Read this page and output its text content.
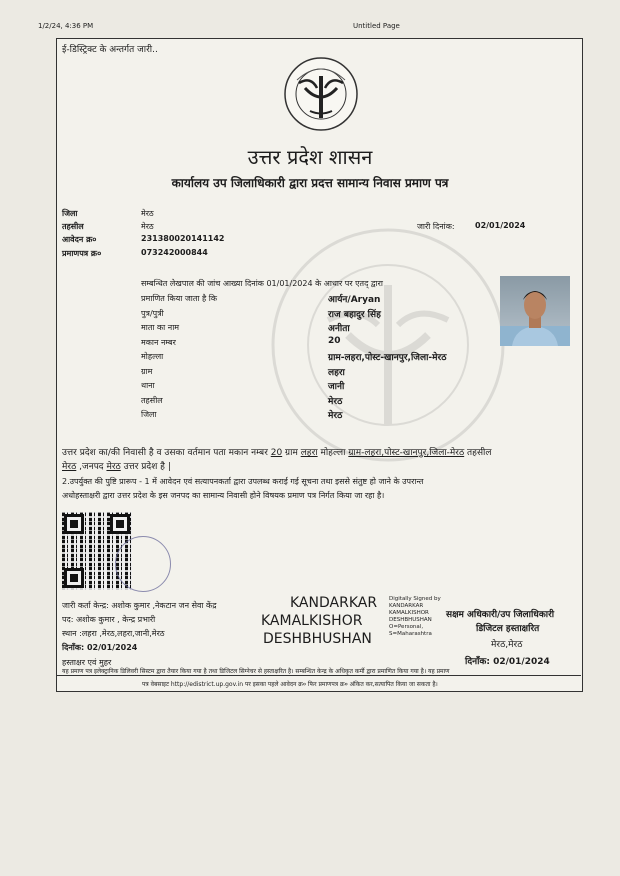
1/2/24, 4:36 PM	Untitled Page
ई-डिस्ट्रिक्ट के अन्तर्गत जारी..
उत्तर प्रदेश शासन
कार्यालय उप जिलाधिकारी द्वारा प्रदत्त सामान्य निवास प्रमाण पत्र
जिला	मेरठ
तहसील	मेरठ
आवेदन क्र०	231380020141142
प्रमाणपत्र क्र०	073242000844
जारी दिनांक:	02/01/2024
सम्बन्धित लेखपाल की जांच आख्या दिनांक 01/01/2024 के आधार पर एतद् द्वारा
प्रमाणित किया जाता है कि	आर्यन/Aryan
पुत्र/पुत्री	राज बहादुर सिंह
माता का नाम	अनीता
मकान नम्बर	20
मोहल्ला	ग्राम-लहरा,पोस्ट-खानपुर,जिला-मेरठ
ग्राम	लहरा
थाना	जानी
तहसील	मेरठ
जिला	मेरठ
उत्तर प्रदेश का/की निवासी है व उसका वर्तमान पता मकान नम्बर 20 ग्राम लहरा मोहल्ला ग्राम-लहरा,पोस्ट-खानपुर,जिला-मेरठ तहसील
मेरठ ,जनपद मेरठ उत्तर प्रदेश है |
2.उपर्युक्त की पुष्टि प्रारूप - 1 में आवेदन एवं सत्यापनकर्ता द्वारा उपलब्ध कराई गई सूचना तथा इससे संतुष्ट हो जाने के उपरान्त
अधोहस्ताक्षरी द्वारा उत्तर प्रदेश के इस जनपद का सामान्य निवासी होने विषयक प्रमाण पत्र निर्गत किया जा रहा है।
जारी कर्ता केन्द्र: अशोक कुमार ,नेकटान जन सेवा केंद्र
पद: अशोक कुमार , केन्द्र प्रभारी
स्थान :लहरा ,मेरठ,लहरा,जानी,मेरठ
दिनाँक: 02/01/2024
हस्ताक्षर एवं मुहर
KANDARKAR
KAMALKISHOR
DESHBHUSHAN
Digitally Signed by
KANDARKAR
KAMALKISHOR
DESHBHUSHAN
O=Personal,
S=Maharashtra
सक्षम अधिकारी/उप जिलाधिकारी
डिजिटल हस्ताक्षरित
मेरठ,मेरठ
दिनाँक: 02/01/2024
यह प्रमाण पत्र इलेक्ट्रानिक डिलिवरी सिस्टम द्वारा तैयार किया गया है तथा डिजिटल सिग्नेचर से हस्ताक्षरित है। सम्बन्धित केन्द्र के अधिकृत कर्मी द्वारा प्रमाणित किया गया है। यह प्रमाण
पत्र वेबसाइट http://edistrict.up.gov.in पर इसका पहले आवेदन क्र० फिर प्रमाणपत्र क्र० अंकित कर,सत्यापित किया जा सकता है।
